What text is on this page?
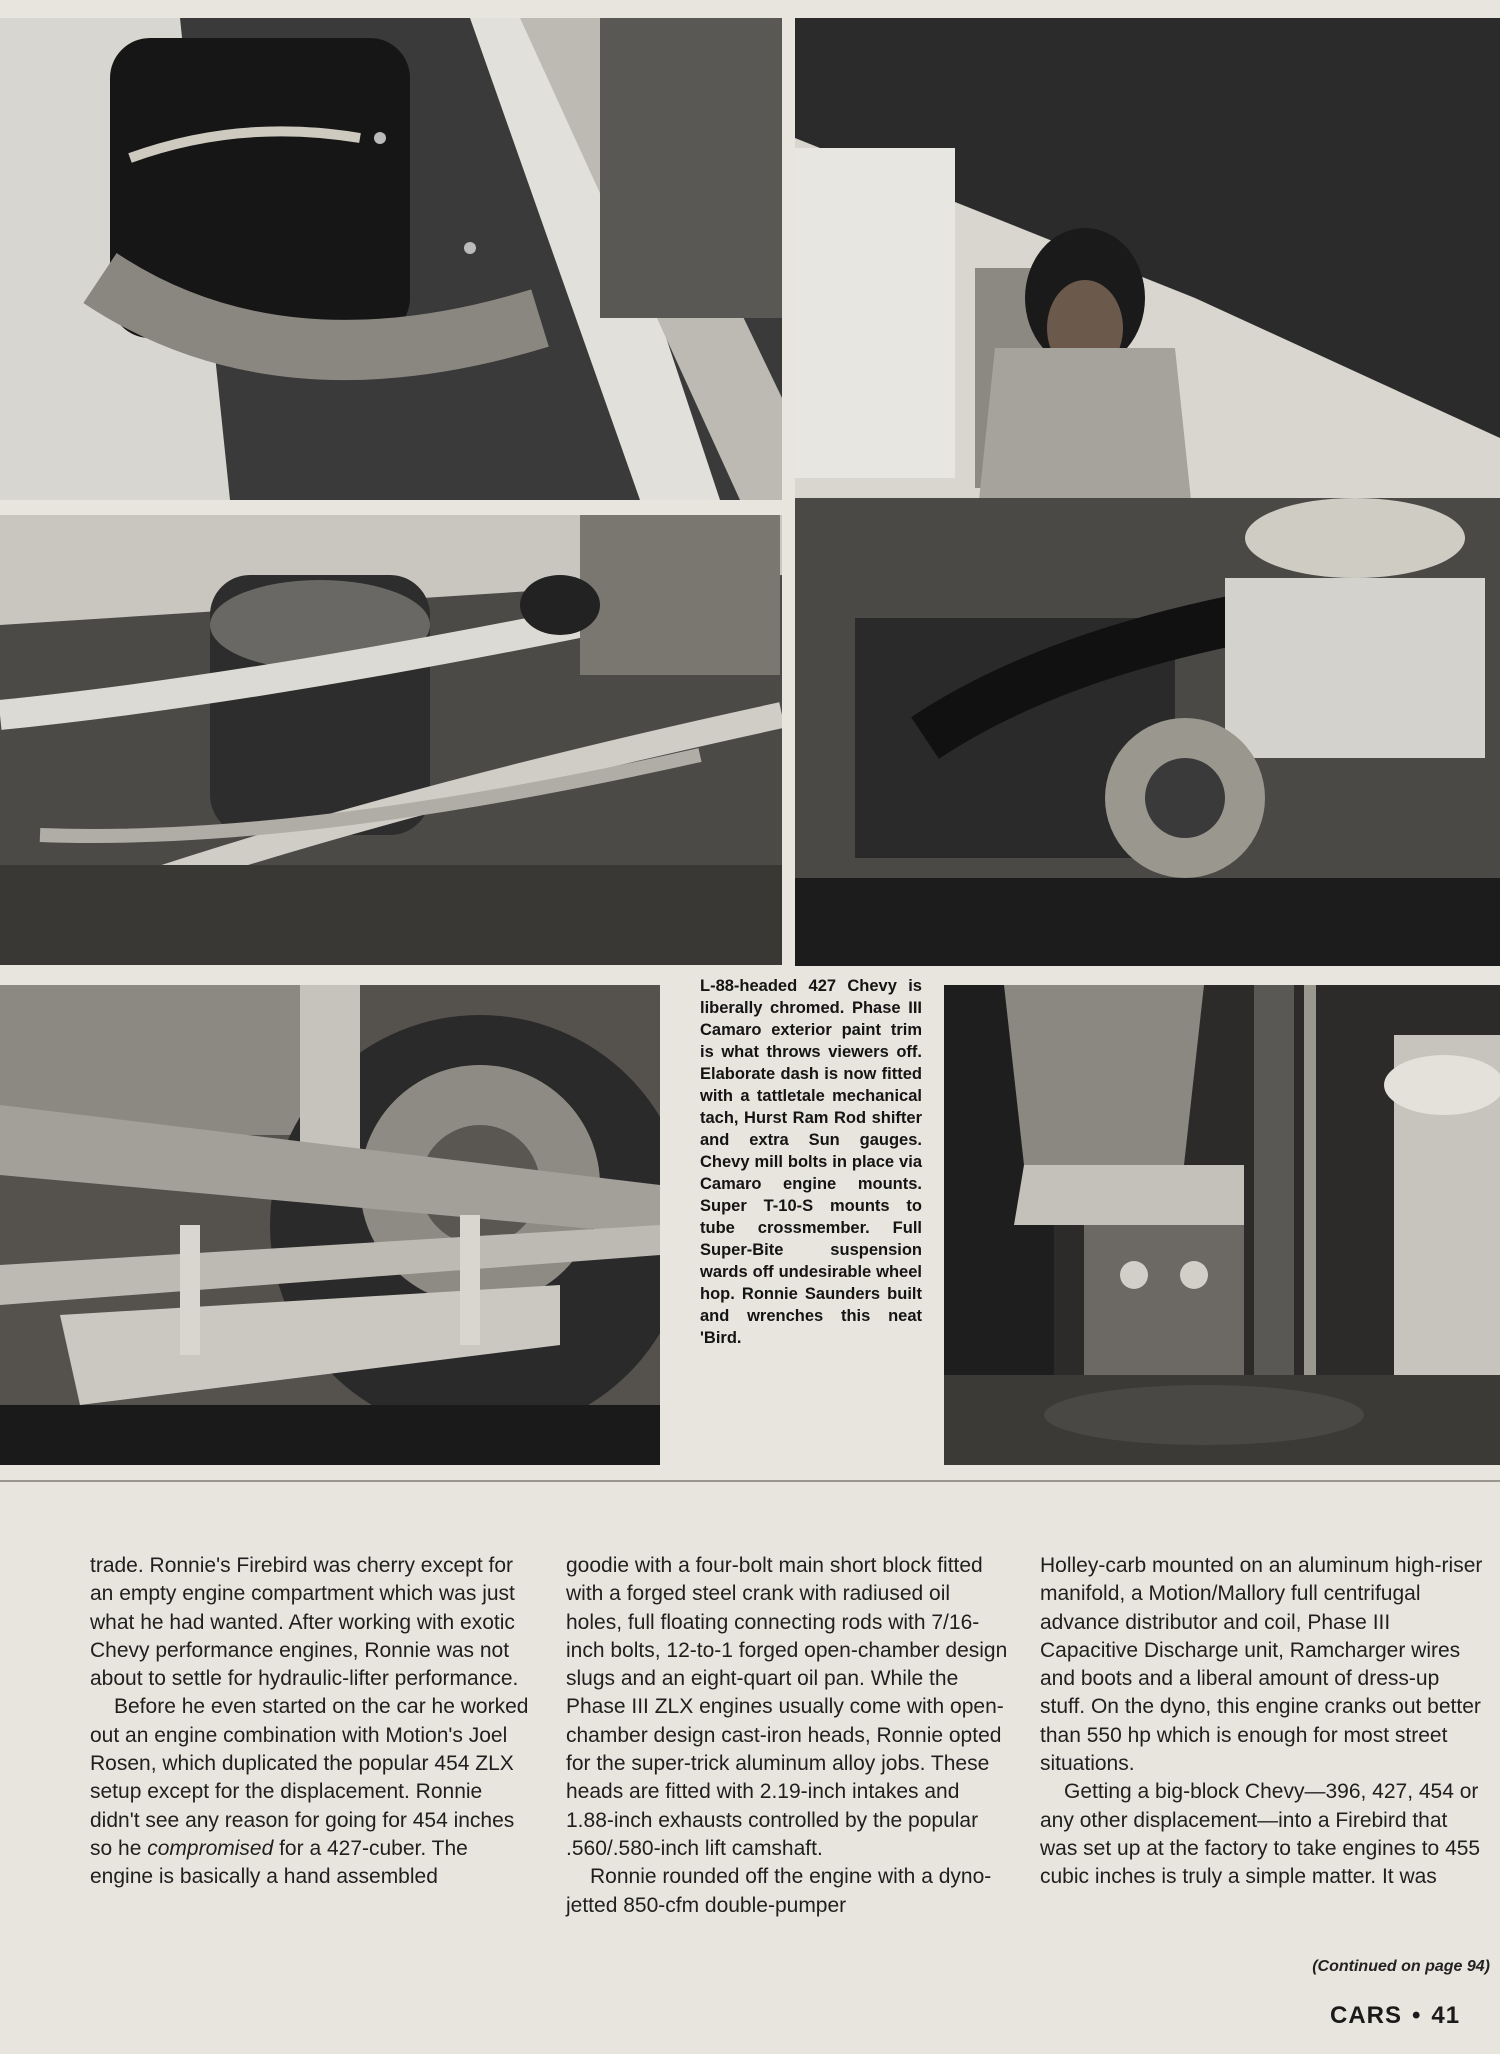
L-88-headed 427 Chevy is liberally chromed. Phase III Camaro exterior paint trim is what throws viewers off. Elaborate dash is now fitted with a tattletale mechanical tach, Hurst Ram Rod shifter and extra Sun gauges. Chevy mill bolts in place via Camaro engine mounts. Super T-10-S mounts to tube crossmember. Full Super-Bite suspension wards off undesirable wheel hop. Ronnie Saunders built and wrenches this neat 'Bird.

trade. Ronnie's Firebird was cherry except for an empty engine compartment which was just what he had wanted. After working with exotic Chevy performance engines, Ronnie was not about to settle for hydraulic-lifter performance.

Before he even started on the car he worked out an engine combination with Motion's Joel Rosen, which duplicated the popular 454 ZLX setup except for the displacement. Ronnie didn't see any reason for going for 454 inches so he compromised for a 427-cuber. The engine is basically a hand assembled

goodie with a four-bolt main short block fitted with a forged steel crank with radiused oil holes, full floating connecting rods with 7/16-inch bolts, 12-to-1 forged open-chamber design slugs and an eight-quart oil pan. While the Phase III ZLX engines usually come with open-chamber design cast-iron heads, Ronnie opted for the super-trick aluminum alloy jobs. These heads are fitted with 2.19-inch intakes and 1.88-inch exhausts controlled by the popular .560/.580-inch lift camshaft.

Ronnie rounded off the engine with a dyno-jetted 850-cfm double-pumper

Holley-carb mounted on an aluminum high-riser manifold, a Motion/Mallory full centrifugal advance distributor and coil, Phase III Capacitive Discharge unit, Ramcharger wires and boots and a liberal amount of dress-up stuff. On the dyno, this engine cranks out better than 550 hp which is enough for most street situations.

Getting a big-block Chevy—396, 427, 454 or any other displacement—into a Firebird that was set up at the factory to take engines to 455 cubic inches is truly a simple matter. It was

(Continued on page 94)
CARS • 41
